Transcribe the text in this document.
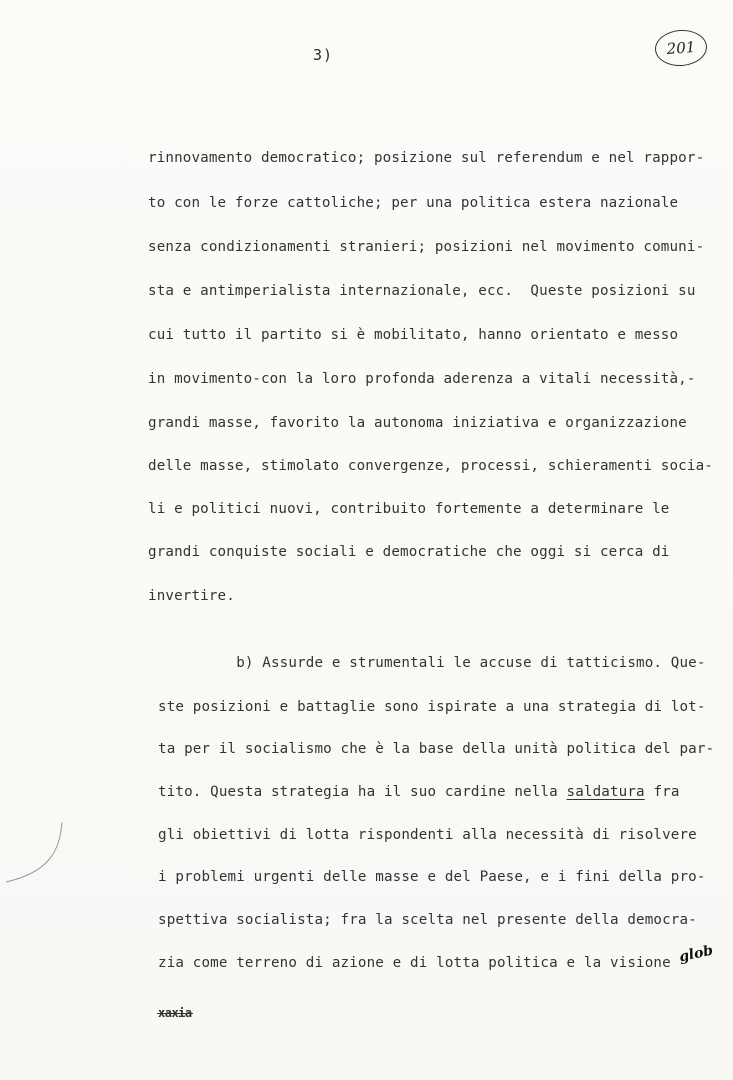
3)	201
rinnovamento democratico; posizione sul referendum e nel rappor-
to con le forze cattoliche; per una politica estera nazionale
senza condizionamenti stranieri; posizioni nel movimento comuni-
sta e antimperialista internazionale, ecc.  Queste posizioni su
cui tutto il partito si è mobilitato, hanno orientato e messo
in movimento-con la loro profonda aderenza a vitali necessità,-
grandi masse, favorito la autonoma iniziativa e organizzazione
delle masse, stimolato convergenze, processi, schieramenti socia-
li e politici nuovi, contribuito fortemente a determinare le
grandi conquiste sociali e democratiche che oggi si cerca di
invertire.
b) Assurde e strumentali le accuse di tatticismo. Que-
ste posizioni e battaglie sono ispirate a una strategia di lot-
ta per il socialismo che è la base della unità politica del par-
tito. Questa strategia ha il suo cardine nella saldatura fra
gli obiettivi di lotta rispondenti alla necessità di risolvere
i problemi urgenti delle masse e del Paese, e i fini della pro-
spettiva socialista; fra la scelta nel presente della democra-
zia come terreno di azione e di lotta politica e la visione
glob
xaxia
